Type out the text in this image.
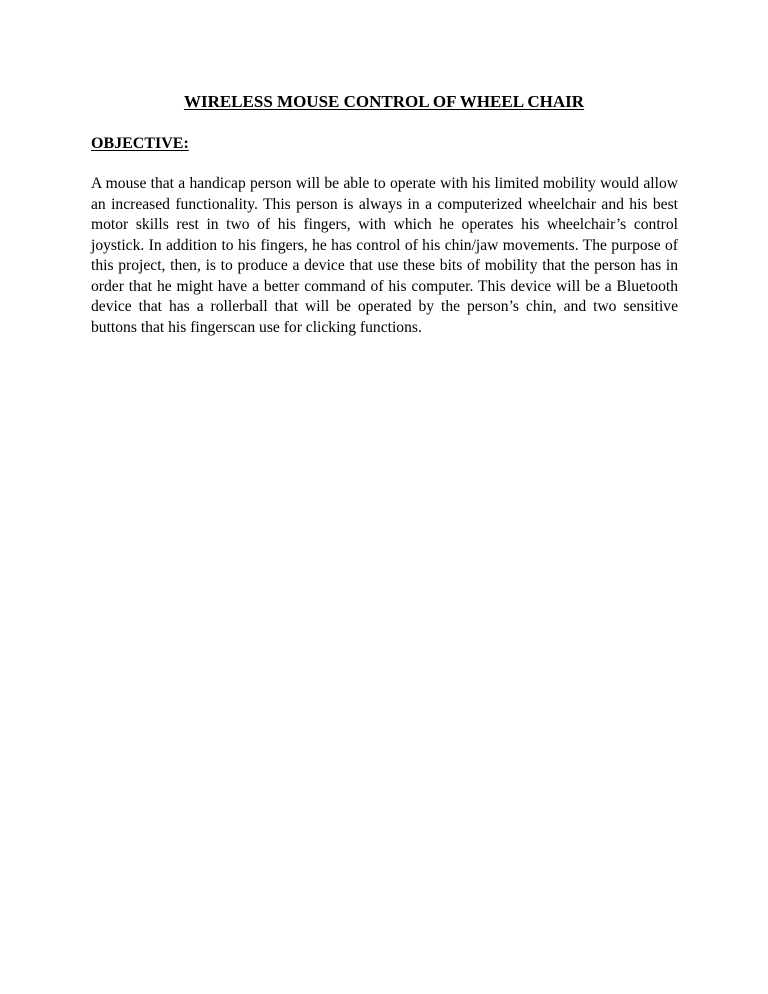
WIRELESS MOUSE CONTROL OF WHEEL CHAIR
OBJECTIVE:

A mouse that a handicap person will be able to operate with his limited mobility would allow an increased functionality. This person is always in a computerized wheelchair and his best motor skills rest in two of his fingers, with which he operates his wheelchair’s control joystick. In addition to his fingers, he has control of his chin/jaw movements. The purpose of this project, then, is to produce a device that use these bits of mobility that the person has in order that he might have a better command of his computer. This device will be a Bluetooth device that has a rollerball that will be operated by the person’s chin, and two sensitive buttons that his fingerscan use for clicking functions.
